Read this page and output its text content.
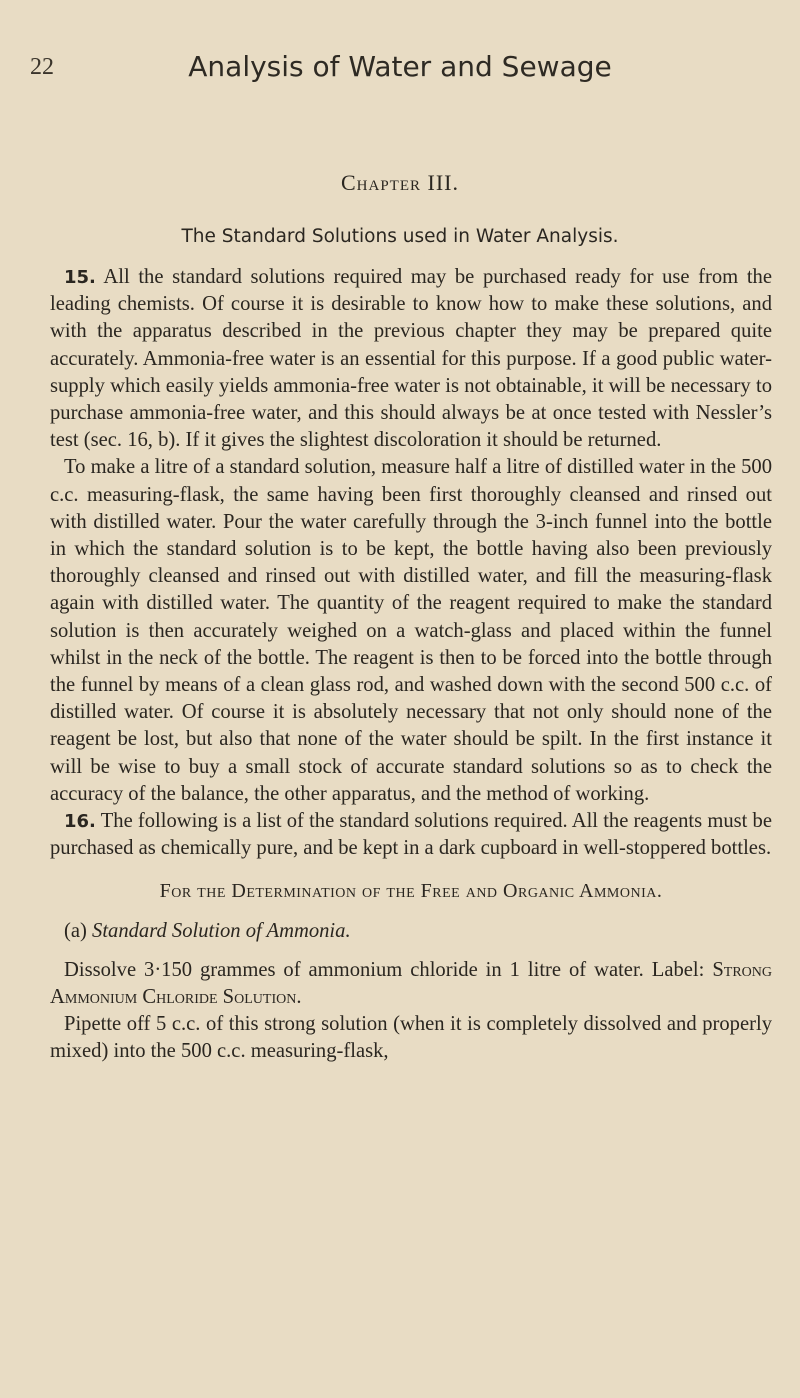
22	Analysis of Water and Sewage
Chapter III.
The Standard Solutions used in Water Analysis.

15. All the standard solutions required may be purchased ready for use from the leading chemists. Of course it is desirable to know how to make these solutions, and with the apparatus described in the previous chapter they may be prepared quite accurately. Ammonia-free water is an essential for this purpose. If a good public water-supply which easily yields ammonia-free water is not obtainable, it will be necessary to purchase ammonia-free water, and this should always be at once tested with Nessler’s test (sec. 16, b). If it gives the slightest discoloration it should be returned.

To make a litre of a standard solution, measure half a litre of distilled water in the 500 c.c. measuring-flask, the same having been first thoroughly cleansed and rinsed out with distilled water. Pour the water carefully through the 3-inch funnel into the bottle in which the standard solution is to be kept, the bottle having also been previously thoroughly cleansed and rinsed out with distilled water, and fill the measuring-flask again with distilled water. The quantity of the reagent required to make the standard solution is then accurately weighed on a watch-glass and placed within the funnel whilst in the neck of the bottle. The reagent is then to be forced into the bottle through the funnel by means of a clean glass rod, and washed down with the second 500 c.c. of distilled water. Of course it is absolutely necessary that not only should none of the reagent be lost, but also that none of the water should be spilt. In the first instance it will be wise to buy a small stock of accurate standard solutions so as to check the accuracy of the balance, the other apparatus, and the method of working.

16. The following is a list of the standard solutions required. All the reagents must be purchased as chemically pure, and be kept in a dark cupboard in well-stoppered bottles.

For the Determination of the Free and Organic Ammonia.

(a) Standard Solution of Ammonia.

Dissolve 3·150 grammes of ammonium chloride in 1 litre of water. Label: Strong Ammonium Chloride Solution.

Pipette off 5 c.c. of this strong solution (when it is completely dissolved and properly mixed) into the 500 c.c. measuring-flask,
